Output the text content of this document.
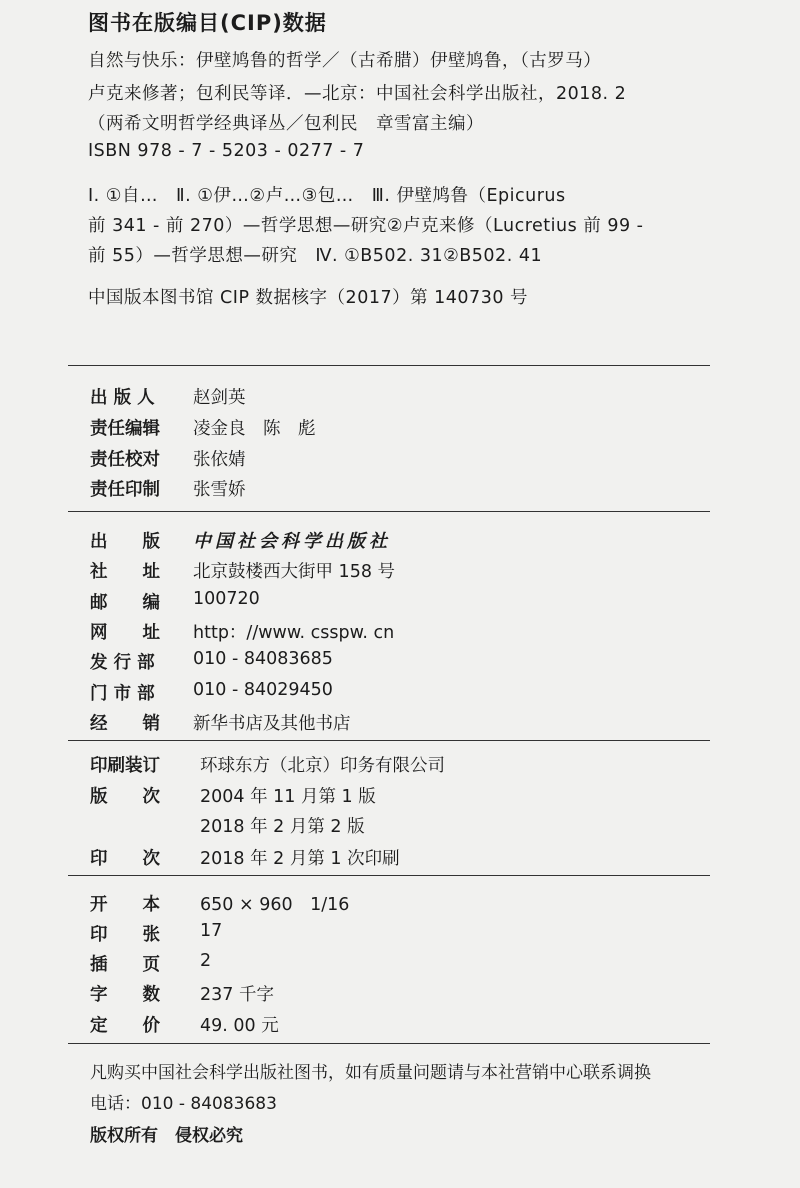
图书在版编目(CIP)数据
自然与快乐：伊壁鸠鲁的哲学／（古希腊）伊壁鸠鲁，（古罗马）
卢克来修著；包利民等译．—北京：中国社会科学出版社，2018. 2
（两希文明哲学经典译丛／包利民　章雪富主编）
ISBN 978 - 7 - 5203 - 0277 - 7
Ⅰ. ①自…　Ⅱ. ①伊…②卢…③包…　Ⅲ. 伊壁鸠鲁（Epicurus
前 341 - 前 270）—哲学思想—研究②卢克来修（Lucretius 前 99 -
前 55）—哲学思想—研究　Ⅳ. ①B502. 31②B502. 41
中国版本图书馆 CIP 数据核字（2017）第 140730 号
出 版 人 赵剑英
责任编辑 凌金良　陈　彪
责任校对 张依婧
责任印制 张雪娇
出　　版 中国社会科学出版社
社　　址 北京鼓楼西大街甲 158 号
邮　　编 100720
网　　址 http：//www. csspw. cn
发 行 部 010 - 84083685
门 市 部 010 - 84029450
经　　销 新华书店及其他书店
印刷装订 环球东方（北京）印务有限公司
版　　次 2004 年 11 月第 1 版
2018 年 2 月第 2 版
印　　次 2018 年 2 月第 1 次印刷
开　　本 650 × 960　1/16
印　　张 17
插　　页 2
字　　数 237 千字
定　　价 49. 00 元
凡购买中国社会科学出版社图书，如有质量问题请与本社营销中心联系调换
电话：010 - 84083683
版权所有　侵权必究
